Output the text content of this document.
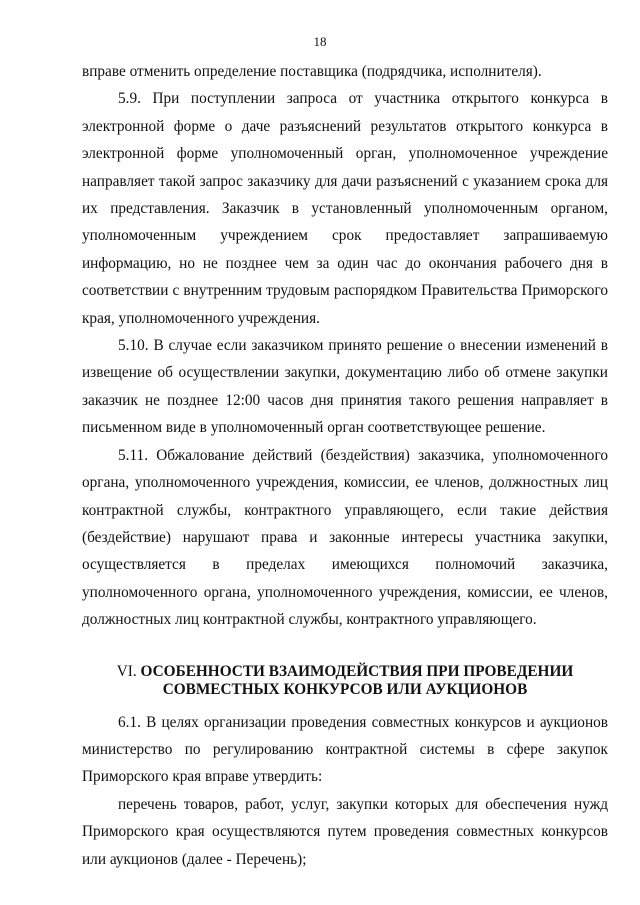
18

вправе отменить определение поставщика (подрядчика, исполнителя).

5.9. При поступлении запроса от участника открытого конкурса в
электронной форме о даче разъяснений результатов открытого конкурса в
электронной форме уполномоченный орган, уполномоченное учреждение
направляет такой запрос заказчику для дачи разъяснений с указанием срока для
их представления. Заказчик в установленный уполномоченным органом,
уполномоченным учреждением срок предоставляет запрашиваемую
информацию, но не позднее чем за один час до окончания рабочего дня в
соответствии с внутренним трудовым распорядком Правительства Приморского
края, уполномоченного учреждения.

5.10. В случае если заказчиком принято решение о внесении изменений в
извещение об осуществлении закупки, документацию либо об отмене закупки
заказчик не позднее 12:00 часов дня принятия такого решения направляет в
письменном виде в уполномоченный орган соответствующее решение.

5.11. Обжалование действий (бездействия) заказчика, уполномоченного
органа, уполномоченного учреждения, комиссии, ее членов, должностных лиц
контрактной службы, контрактного управляющего, если такие действия
(бездействие) нарушают права и законные интересы участника закупки,
осуществляется в пределах имеющихся полномочий заказчика,
уполномоченного органа, уполномоченного учреждения, комиссии, ее членов,
должностных лиц контрактной службы, контрактного управляющего.

VI. ОСОБЕННОСТИ ВЗАИМОДЕЙСТВИЯ ПРИ ПРОВЕДЕНИИ
СОВМЕСТНЫХ КОНКУРСОВ ИЛИ АУКЦИОНОВ

6.1. В целях организации проведения совместных конкурсов и аукционов
министерство по регулированию контрактной системы в сфере закупок
Приморского края вправе утвердить:

перечень товаров, работ, услуг, закупки которых для обеспечения нужд
Приморского края осуществляются путем проведения совместных конкурсов
или аукционов (далее - Перечень);
